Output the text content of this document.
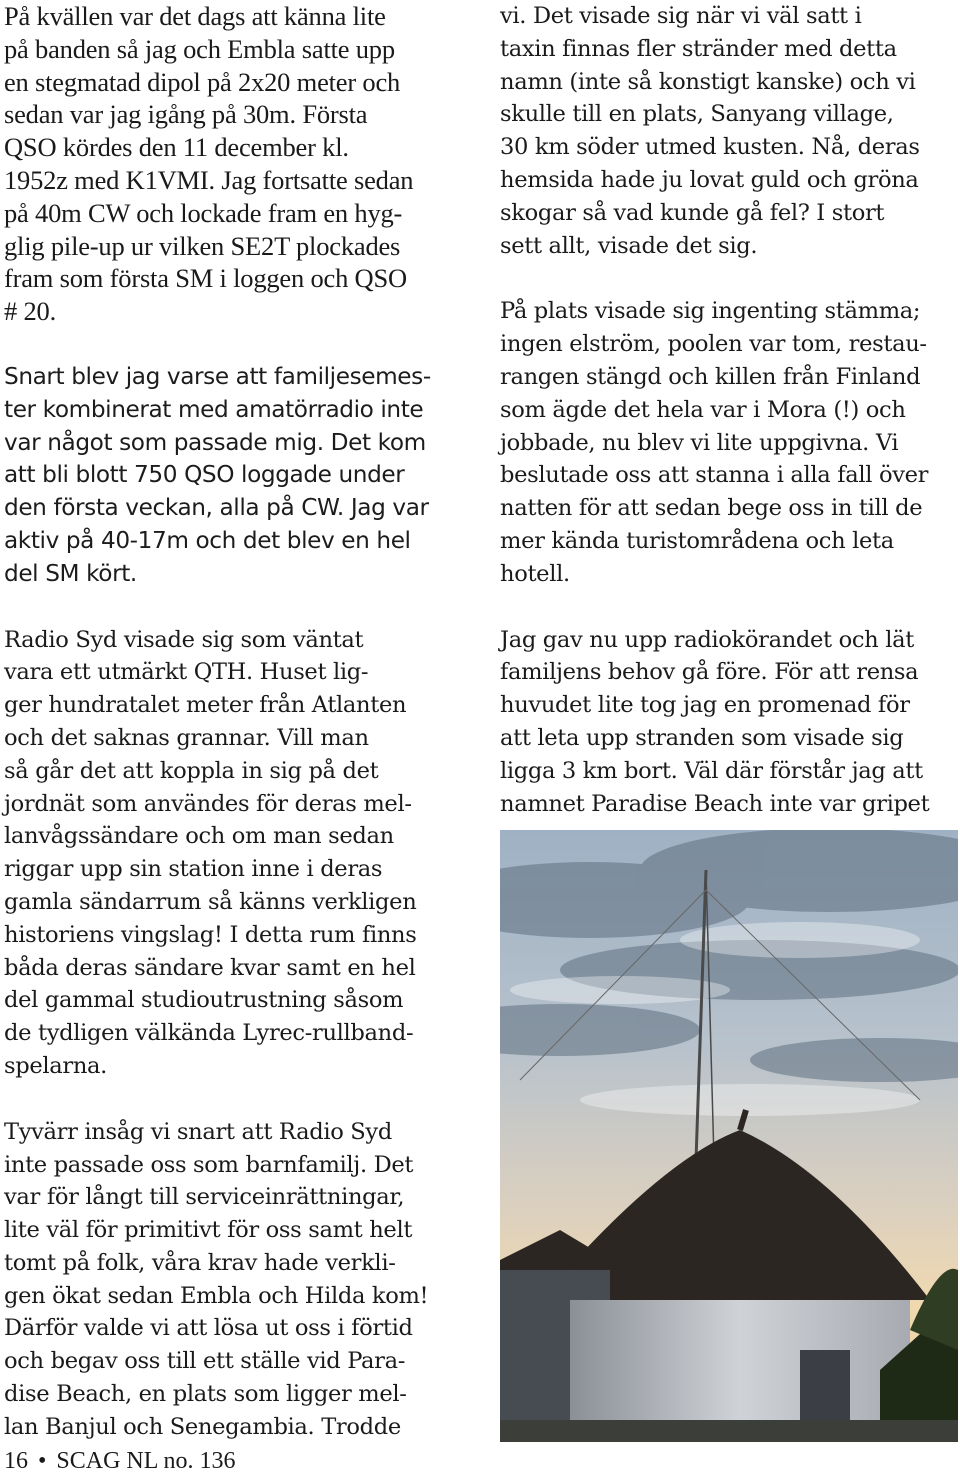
På kvällen var det dags att känna lite
på banden så jag och Embla satte upp
en stegmatad dipol på 2x20 meter och
sedan var jag igång på 30m. Första
QSO kördes den 11 december kl.
1952z med K1VMI. Jag fortsatte sedan
på 40m CW och lockade fram en hyg-
glig pile-up ur vilken SE2T plockades
fram som första SM i loggen och QSO
# 20.

Snart blev jag varse att familjesemes-
ter kombinerat med amatörradio inte
var något som passade mig. Det kom
att bli blott 750 QSO loggade under
den första veckan, alla på CW. Jag var
aktiv på 40-17m och det blev en hel
del SM kört.

Radio Syd visade sig som väntat
vara ett utmärkt QTH. Huset lig-
ger hundratalet meter från Atlanten
och det saknas grannar. Vill man
så går det att koppla in sig på det
jordnät som användes för deras mel-
lanvågssändare och om man sedan
riggar upp sin station inne i deras
gamla sändarrum så känns verkligen
historiens vingslag! I detta rum finns
båda deras sändare kvar samt en hel
del gammal studioutrustning såsom
de tydligen välkända Lyrec-rullband-
spelarna.

Tyvärr insåg vi snart att Radio Syd
inte passade oss som barnfamilj. Det
var för långt till serviceinrättningar,
lite väl för primitivt för oss samt helt
tomt på folk, våra krav hade verkli-
gen ökat sedan Embla och Hilda kom!
Därför valde vi att lösa ut oss i förtid
och begav oss till ett ställe vid Para-
dise Beach, en plats som ligger mel-
lan Banjul och Senegambia. Trodde

vi. Det visade sig när vi väl satt i
taxin finnas fler stränder med detta
namn (inte så konstigt kanske) och vi
skulle till en plats, Sanyang village,
30 km söder utmed kusten. Nå, deras
hemsida hade ju lovat guld och gröna
skogar så vad kunde gå fel? I stort
sett allt, visade det sig.

På plats visade sig ingenting stämma;
ingen elström, poolen var tom, restau-
rangen stängd och killen från Finland
som ägde det hela var i Mora (!) och
jobbade, nu blev vi lite uppgivna. Vi
beslutade oss att stanna i alla fall över
natten för att sedan bege oss in till de
mer kända turistområdena och leta
hotell.

Jag gav nu upp radiokörandet och lät
familjens behov gå före. För att rensa
huvudet lite tog jag en promenad för
att leta upp stranden som visade sig
ligga 3 km bort. Väl där förstår jag att
namnet Paradise Beach inte var gripet

16 • SCAG NL no. 136
